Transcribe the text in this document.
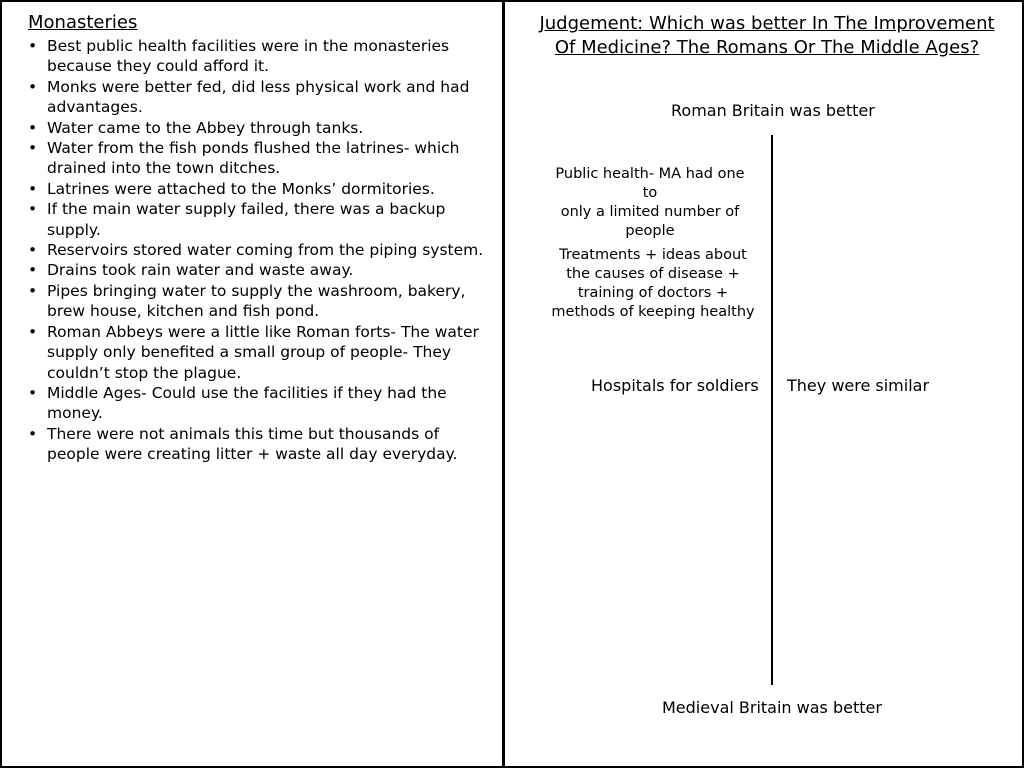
Monasteries
• Best public health facilities were in the monasteries because they could afford it.
• Monks were better fed, did less physical work and had advantages.
• Water came to the Abbey through tanks.
• Water from the fish ponds flushed the latrines- which drained into the town ditches.
• Latrines were attached to the Monks’ dormitories.
• If the main water supply failed, there was a backup supply.
• Reservoirs stored water coming from the piping system.
• Drains took rain water and waste away.
• Pipes bringing water to supply the washroom, bakery, brew house, kitchen and fish pond.
• Roman Abbeys were a little like Roman forts- The water supply only benefited a small group of people- They couldn’t stop the plague.
• Middle Ages- Could use the facilities if they had the money.
• There were not animals this time but thousands of people were creating litter + waste all day everyday.
Judgement: Which was better In The Improvement Of Medicine? The Romans Or The Middle Ages?
Roman Britain was better
Public health- MA had one
to
only a limited number of people
Treatments + ideas about the causes of disease + training of doctors + methods of keeping healthy
Hospitals for soldiers They were similar
Medieval Britain was better
